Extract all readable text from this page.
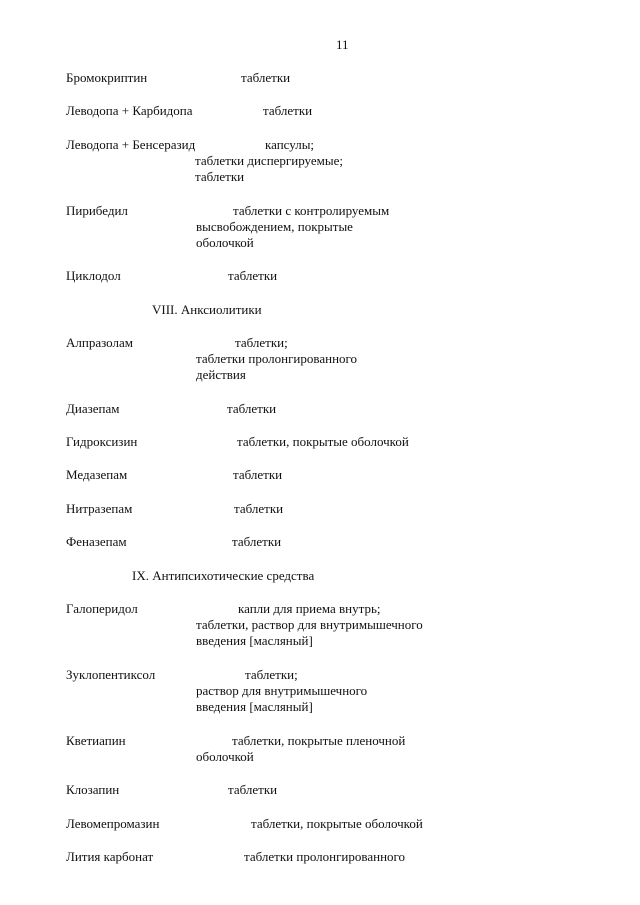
11
Бромокриптин	таблетки
Леводопа + Карбидопа	таблетки
Леводопа + Бенсеразид	капсулы;
таблетки диспергируемые;
таблетки
Пирибедил	таблетки с контролируемым
высвобождением, покрытые
оболочкой
Циклодол	таблетки
VIII. Анксиолитики
Алпразолам	таблетки;
таблетки пролонгированного
действия
Диазепам	таблетки
Гидроксизин	таблетки, покрытые оболочкой
Медазепам	таблетки
Нитразепам	таблетки
Феназепам	таблетки
IX. Антипсихотические средства
Галоперидол	капли для приема внутрь;
таблетки, раствор для внутримышечного
введения [масляный]
Зуклопентиксол	таблетки;
раствор для внутримышечного
введения [масляный]
Кветиапин	таблетки, покрытые пленочной
оболочкой
Клозапин	таблетки
Левомепромазин	таблетки, покрытые оболочкой
Лития карбонат	таблетки пролонгированного
